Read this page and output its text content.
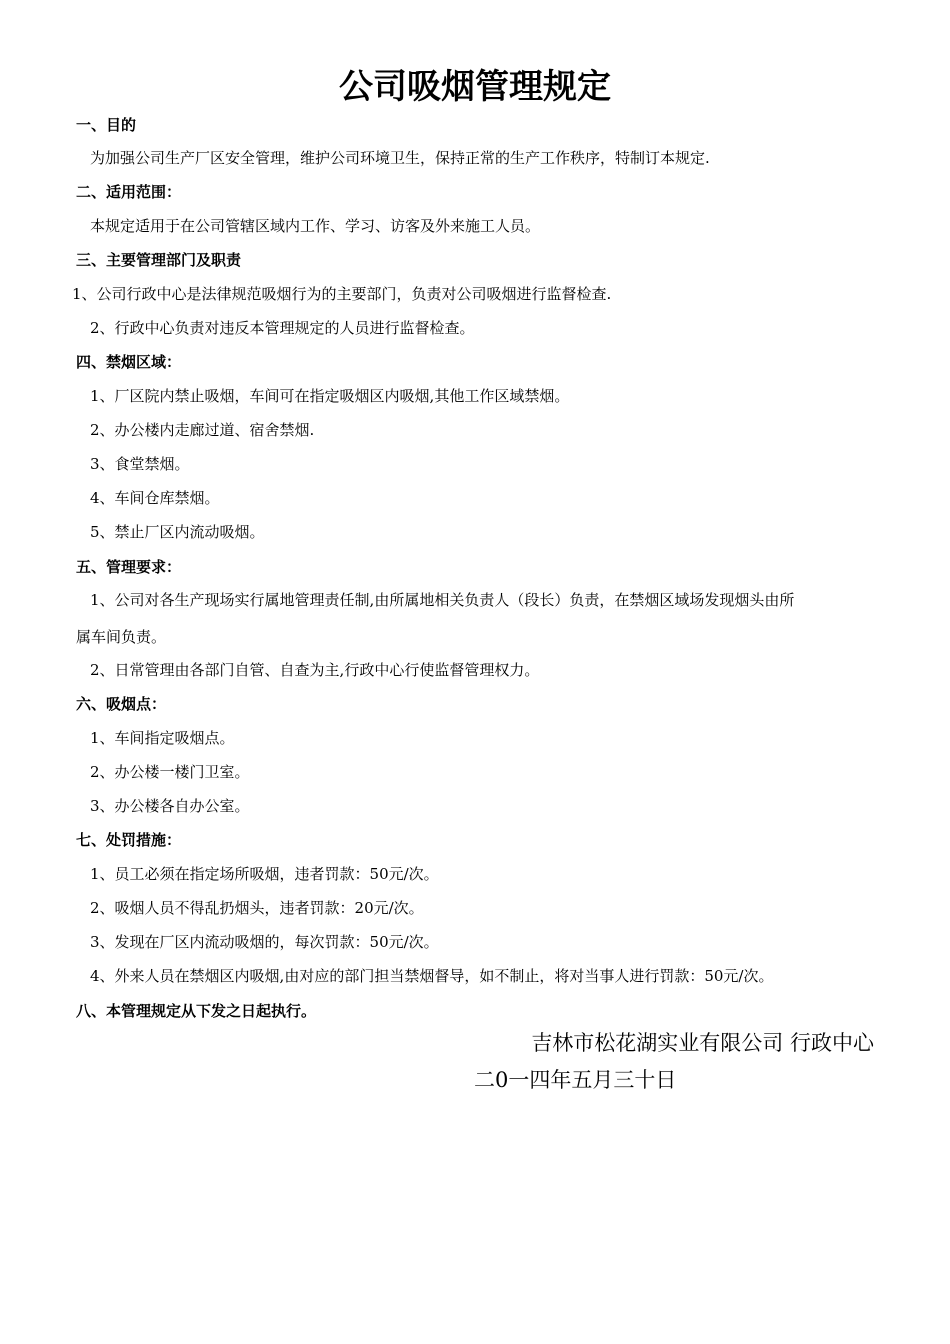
公司吸烟管理规定
一、目的
为加强公司生产厂区安全管理，维护公司环境卫生，保持正常的生产工作秩序，特制订本规定.
二、适用范围：
本规定适用于在公司管辖区域内工作、学习、访客及外来施工人员。
三、主要管理部门及职责
1、公司行政中心是法律规范吸烟行为的主要部门，负责对公司吸烟进行监督检查.
2、行政中心负责对违反本管理规定的人员进行监督检查。
四、禁烟区域：
1、厂区院内禁止吸烟，车间可在指定吸烟区内吸烟,其他工作区域禁烟。
2、办公楼内走廊过道、宿舍禁烟.
3、食堂禁烟。
4、车间仓库禁烟。
5、禁止厂区内流动吸烟。
五、管理要求：
1、公司对各生产现场实行属地管理责任制,由所属地相关负责人（段长）负责，在禁烟区域场发现烟头由所
属车间负责。
2、日常管理由各部门自管、自查为主,行政中心行使监督管理权力。
六、吸烟点：
1、车间指定吸烟点。
2、办公楼一楼门卫室。
3、办公楼各自办公室。
七、处罚措施：
1、员工必须在指定场所吸烟，违者罚款：50元/次。
2、吸烟人员不得乱扔烟头，违者罚款：20元/次。
3、发现在厂区内流动吸烟的，每次罚款：50元/次。
4、外来人员在禁烟区内吸烟,由对应的部门担当禁烟督导，如不制止，将对当事人进行罚款：50元/次。
八、本管理规定从下发之日起执行。
吉林市松花湖实业有限公司 行政中心
二0一四年五月三十日
